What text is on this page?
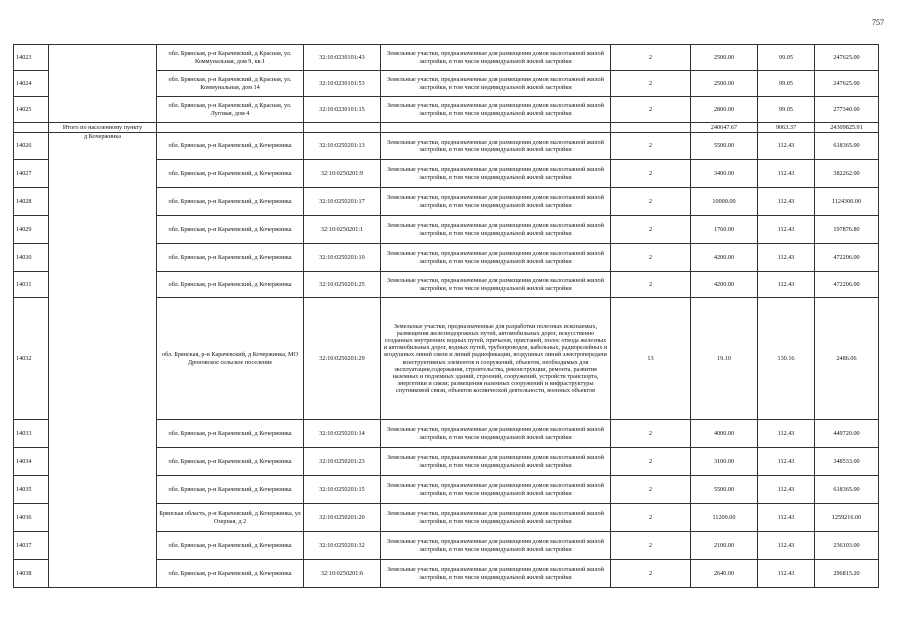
757
14023		обл. Брянская, р-н Карачевский, д Красная, ул. Коммунальная, дом 9, кв.1	32:10:0230101:43	Земельные участки, предназначенные для размещения домов малоэтажной жилой застройки, в том числе индивидуальной жилой застройки	2	2500.00	99.05	247625.00
14024		обл. Брянская, р-н Карачевский, д Красная, ул. Коммунальная, дом 14	32:10:0230101:53	Земельные участки, предназначенные для размещения домов малоэтажной жилой застройки, в том числе индивидуальной жилой застройки	2	2500.00	99.05	247625.00
14025		обл. Брянская, р-н Карачевский, д Красная, ул. Луговая, дом 4	32:10:0230101:15	Земельные участки, предназначенные для размещения домов малоэтажной жилой застройки, в том числе индивидуальной жилой застройки	2	2800.00	99.05	277340.00
	Итого по населенному пункту					240647.67	9063.37	24309825.91
14026	д Кочержинка	обл. Брянская, р-н Карачевский, д Кочержинка	32:10:0250201:13	Земельные участки, предназначенные для размещения домов малоэтажной жилой застройки, в том числе индивидуальной жилой застройки	2	5500.00	112.43	618365.00
14027		обл. Брянская, р-н Карачевский, д Кочержинка	32:10:0250201:9	Земельные участки, предназначенные для размещения домов малоэтажной жилой застройки, в том числе индивидуальной жилой застройки	2	3400.00	112.43	382262.00
14028		обл. Брянская, р-н Карачевский, д Кочержинка	32:10:0250201:17	Земельные участки, предназначенные для размещения домов малоэтажной жилой застройки, в том числе индивидуальной жилой застройки	2	10000.00	112.43	1124300.00
14029		обл. Брянская, р-н Карачевский, д Кочержинка	32:10:0250201:1	Земельные участки, предназначенные для размещения домов малоэтажной жилой застройки, в том числе индивидуальной жилой застройки	2	1760.00	112.43	197876.80
14030		обл. Брянская, р-н Карачевский, д Кочержинка	32:10:0250201:10	Земельные участки, предназначенные для размещения домов малоэтажной жилой застройки, в том числе индивидуальной жилой застройки	2	4200.00	112.43	472206.00
14031		обл. Брянская, р-н Карачевский, д Кочержинка	32:10:0250201:25	Земельные участки, предназначенные для размещения домов малоэтажной жилой застройки, в том числе индивидуальной жилой застройки	2	4200.00	112.43	472206.00
14032		обл. Брянская, р-н Карачевский, д Кочержинка, МО Дроновское сельское поселение	32:10:0250201:29	Земельные участки, предназначенные для разработки полезных ископаемых, размещения железнодорожных путей, автомобильных дорог, искусственно созданных внутренних водных путей, причалов, пристаней, полос отвода железных и автомобильных дорог, водных путей, трубопроводов, кабельных, радиорелейных и воздушных линий связи и линий радиофикации, воздушных линий электропередачи конструктивных элементов и сооружений, объектов, необходимых для эксплуатации,содержания, строительства, реконструкции, ремонта, развития наземных и подземных зданий, строений, сооружений, устройств транспорта, энергетики и связи; размещения наземных сооружений и инфраструктуры спутниковой связи, объектов космической деятельности, военных объектов	13	19.10	130.16	2486.06
14033		обл. Брянская, р-н Карачевский, д Кочержинка	32:10:0250201:14	Земельные участки, предназначенные для размещения домов малоэтажной жилой застройки, в том числе индивидуальной жилой застройки	2	4000.00	112.43	449720.00
14034		обл. Брянская, р-н Карачевский, д Кочержинка	32:10:0250201:23	Земельные участки, предназначенные для размещения домов малоэтажной жилой застройки, в том числе индивидуальной жилой застройки	2	3100.00	112.43	348533.00
14035		обл. Брянская, р-н Карачевский, д Кочержинка	32:10:0250201:15	Земельные участки, предназначенные для размещения домов малоэтажной жилой застройки, в том числе индивидуальной жилой застройки	2	5500.00	112.43	618365.00
14036		Брянская область, р-н Карачевский, д Кочержинка, ул Озерная, д 2	32:10:0250201:20	Земельные участки, предназначенные для размещения домов малоэтажной жилой застройки, в том числе индивидуальной жилой застройки	2	11200.00	112.43	1259216.00
14037		обл. Брянская, р-н Карачевский, д Кочержинка	32:10:0250201:32	Земельные участки, предназначенные для размещения домов малоэтажной жилой застройки, в том числе индивидуальной жилой застройки	2	2100.00	112.43	236103.00
14038		обл. Брянская, р-н Карачевский, д Кочержинка	32:10:0250201:6	Земельные участки, предназначенные для размещения домов малоэтажной жилой застройки, в том числе индивидуальной жилой застройки	2	2640.00	112.43	296815.20
